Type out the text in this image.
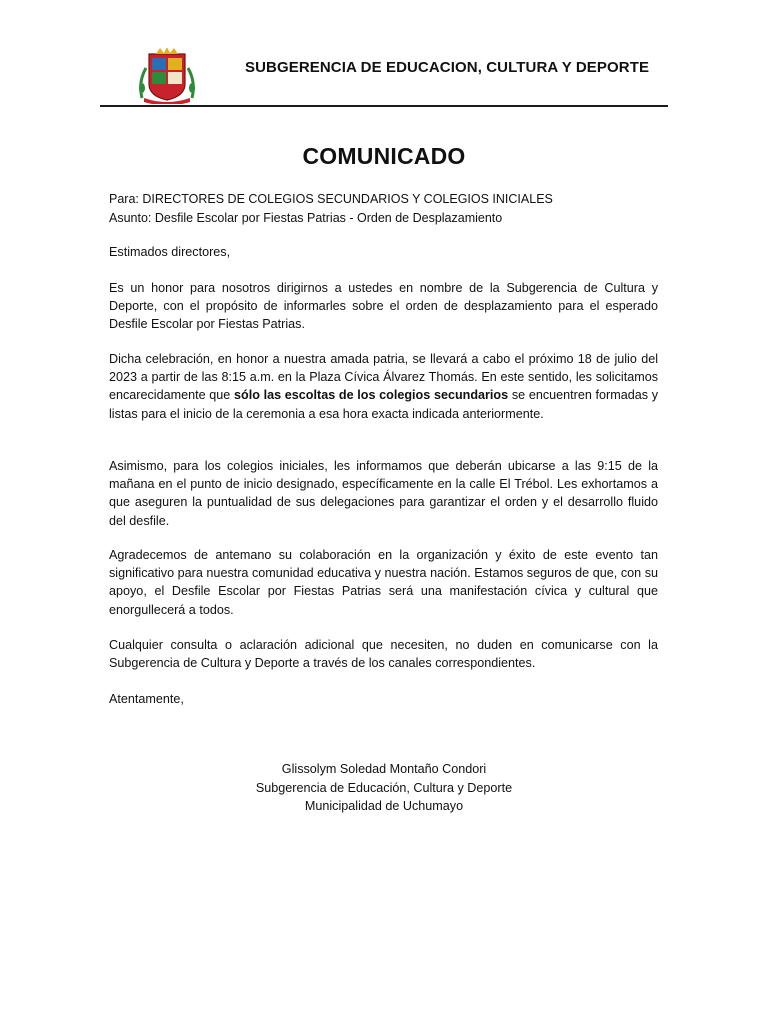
SUBGERENCIA DE EDUCACION, CULTURA Y DEPORTE
COMUNICADO
Para: DIRECTORES DE COLEGIOS SECUNDARIOS Y COLEGIOS INICIALES
Asunto: Desfile Escolar por Fiestas Patrias - Orden de Desplazamiento

Estimados directores,

Es un honor para nosotros dirigirnos a ustedes en nombre de la Subgerencia de Cultura y Deporte, con el propósito de informarles sobre el orden de desplazamiento para el esperado Desfile Escolar por Fiestas Patrias.

Dicha celebración, en honor a nuestra amada patria, se llevará a cabo el próximo 18 de julio del 2023 a partir de las 8:15 a.m. en la Plaza Cívica Álvarez Thomás. En este sentido, les solicitamos encarecidamente que sólo las escoltas de los colegios secundarios se encuentren formadas y listas para el inicio de la ceremonia a esa hora exacta indicada anteriormente.

Asimismo, para los colegios iniciales, les informamos que deberán ubicarse a las 9:15 de la mañana en el punto de inicio designado, específicamente en la calle El Trébol. Les exhortamos a que aseguren la puntualidad de sus delegaciones para garantizar el orden y el desarrollo fluido del desfile.

Agradecemos de antemano su colaboración en la organización y éxito de este evento tan significativo para nuestra comunidad educativa y nuestra nación. Estamos seguros de que, con su apoyo, el Desfile Escolar por Fiestas Patrias será una manifestación cívica y cultural que enorgullecerá a todos.

Cualquier consulta o aclaración adicional que necesiten, no duden en comunicarse con la Subgerencia de Cultura y Deporte a través de los canales correspondientes.

Atentamente,

Glissolym Soledad Montaño Condori
Subgerencia de Educación, Cultura y Deporte
Municipalidad de Uchumayo
